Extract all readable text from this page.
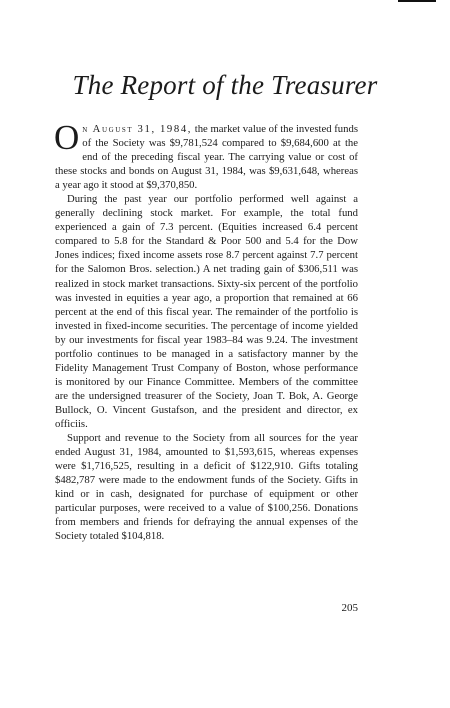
The Report of the Treasurer

On August 31, 1984, the market value of the invested funds of the Society was $9,781,524 compared to $9,684,600 at the end of the preceding fiscal year. The carrying value or cost of these stocks and bonds on August 31, 1984, was $9,631,648, whereas a year ago it stood at $9,370,850.

During the past year our portfolio performed well against a generally declining stock market. For example, the total fund experienced a gain of 7.3 percent. (Equities increased 6.4 percent compared to 5.8 for the Standard & Poor 500 and 5.4 for the Dow Jones indices; fixed income assets rose 8.7 percent against 7.7 percent for the Salomon Bros. selection.) A net trading gain of $306,511 was realized in stock market transactions. Sixty-six percent of the portfolio was invested in equities a year ago, a proportion that remained at 66 percent at the end of this fiscal year. The remainder of the portfolio is invested in fixed-income securities. The percentage of income yielded by our investments for fiscal year 1983–84 was 9.24. The investment portfolio continues to be managed in a satisfactory manner by the Fidelity Management Trust Company of Boston, whose performance is monitored by our Finance Committee. Members of the committee are the undersigned treasurer of the Society, Joan T. Bok, A. George Bullock, O. Vincent Gustafson, and the president and director, ex officiis.

Support and revenue to the Society from all sources for the year ended August 31, 1984, amounted to $1,593,615, whereas expenses were $1,716,525, resulting in a deficit of $122,910. Gifts totaling $482,787 were made to the endowment funds of the Society. Gifts in kind or in cash, designated for purchase of equipment or other particular purposes, were received to a value of $100,256. Donations from members and friends for defraying the annual expenses of the Society totaled $104,818.

205
